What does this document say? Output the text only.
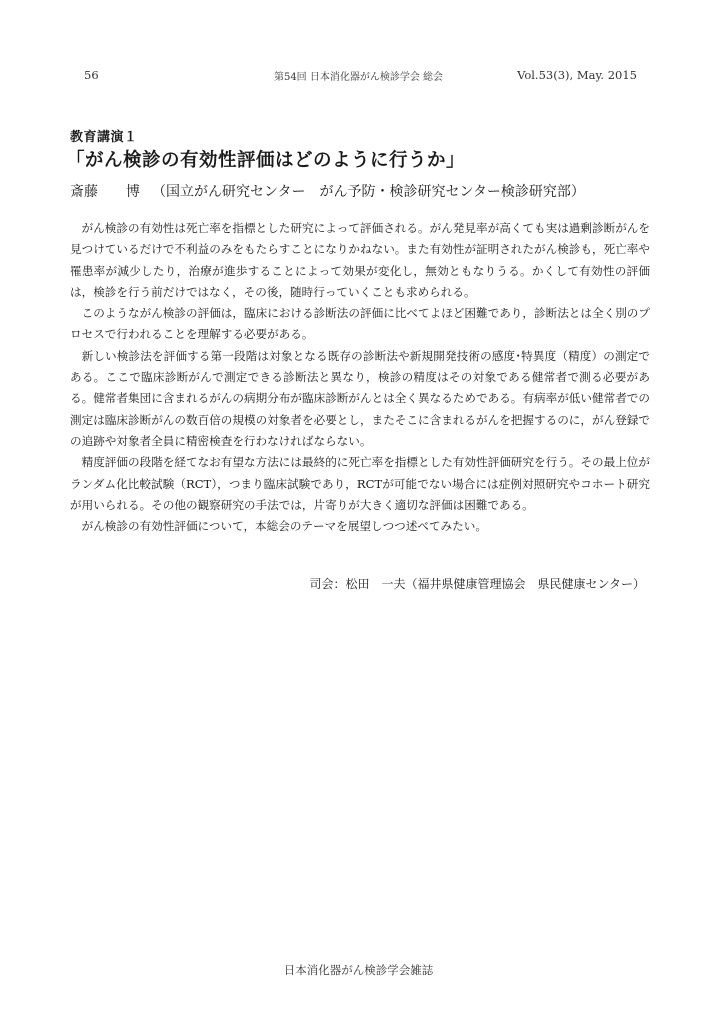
56	第54回 日本消化器がん検診学会 総会	Vol.53(3), May. 2015
教育講演１
「がん検診の有効性評価はどのように行うか」
斎藤　　博 （国立がん研究センター　がん予防・検診研究センター検診研究部）

がん検診の有効性は死亡率を指標とした研究によって評価される。がん発見率が高くても実は過剰診断がんを見つけているだけで不利益のみをもたらすことになりかねない。また有効性が証明されたがん検診も，死亡率や罹患率が減少したり，治療が進歩することによって効果が変化し，無効ともなりうる。かくして有効性の評価は，検診を行う前だけではなく，その後，随時行っていくことも求められる。

このようながん検診の評価は，臨床における診断法の評価に比べてよほど困難であり，診断法とは全く別のプロセスで行われることを理解する必要がある。

新しい検診法を評価する第一段階は対象となる既存の診断法や新規開発技術の感度･特異度（精度）の測定である。ここで臨床診断がんで測定できる診断法と異なり，検診の精度はその対象である健常者で測る必要がある。健常者集団に含まれるがんの病期分布が臨床診断がんとは全く異なるためである。有病率が低い健常者での測定は臨床診断がんの数百倍の規模の対象者を必要とし，またそこに含まれるがんを把握するのに，がん登録での追跡や対象者全員に精密検査を行わなければならない。

精度評価の段階を経てなお有望な方法には最終的に死亡率を指標とした有効性評価研究を行う。その最上位がランダム化比較試験（RCT），つまり臨床試験であり，RCTが可能でない場合には症例対照研究やコホート研究が用いられる。その他の観察研究の手法では，片寄りが大きく適切な評価は困難である。

がん検診の有効性評価について，本総会のテーマを展望しつつ述べてみたい。

司会：松田　一夫（福井県健康管理協会　県民健康センター）
日本消化器がん検診学会雑誌
